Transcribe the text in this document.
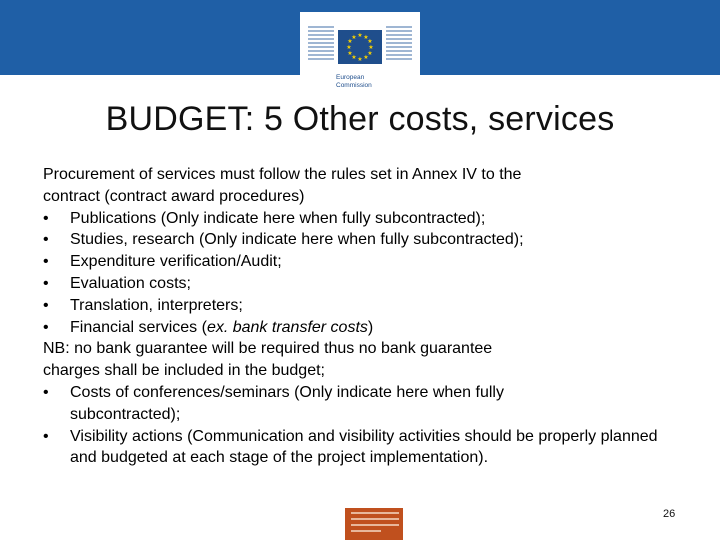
★ ★
★
★
★
★
★
★
★
★
★
★
European
Commission
BUDGET: 5 Other costs, services
Procurement of services must follow the rules set in Annex IV to the
contract (contract award procedures)
•	Publications (Only indicate here when fully subcontracted);
•	Studies, research (Only indicate here when fully subcontracted);
•	Expenditure verification/Audit;
•	Evaluation costs;
•	Translation, interpreters;
•	Financial services (ex. bank transfer costs)
NB: no bank guarantee will be required thus no bank guarantee
charges shall be included in the budget;
•	Costs of conferences/seminars (Only indicate here when fully subcontracted);
•	Visibility actions (Communication and visibility activities should be properly planned and budgeted at each stage of the project implementation).
26
